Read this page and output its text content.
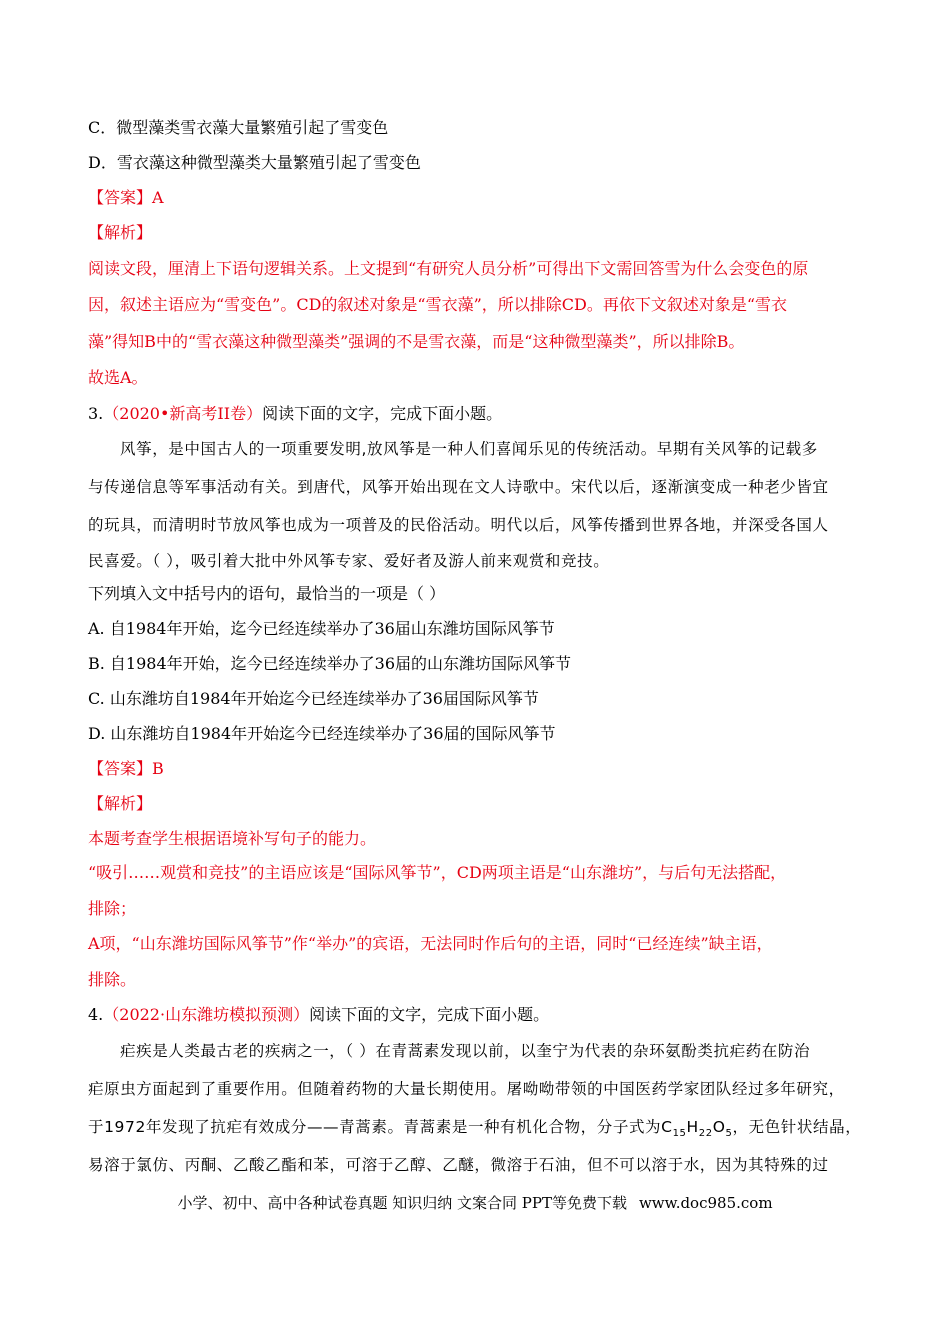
C．微型藻类雪衣藻大量繁殖引起了雪变色
D．雪衣藻这种微型藻类大量繁殖引起了雪变色
【答案】A
【解析】
阅读文段，厘清上下语句逻辑关系。上文提到“有研究人员分析”可得出下文需回答雪为什么会变色的原
因，叙述主语应为“雪变色”。CD的叙述对象是“雪衣藻”，所以排除CD。再依下文叙述对象是“雪衣
藻”得知B中的“雪衣藻这种微型藻类”强调的不是雪衣藻，而是“这种微型藻类”，所以排除B。
故选A。
3.（2020•新高考II卷）阅读下面的文字，完成下面小题。
风筝，是中国古人的一项重要发明,放风筝是一种人们喜闻乐见的传统活动。早期有关风筝的记载多
与传递信息等军事活动有关。到唐代，风筝开始出现在文人诗歌中。宋代以后，逐渐演变成一种老少皆宜
的玩具，而清明时节放风筝也成为一项普及的民俗活动。明代以后，风筝传播到世界各地，并深受各国人
民喜爱。（ ），吸引着大批中外风筝专家、爱好者及游人前来观赏和竞技。
下列填入文中括号内的语句，最恰当的一项是（ ）
A. 自1984年开始，迄今已经连续举办了36届山东潍坊国际风筝节
B. 自1984年开始，迄今已经连续举办了36届的山东潍坊国际风筝节
C. 山东潍坊自1984年开始迄今已经连续举办了36届国际风筝节
D. 山东潍坊自1984年开始迄今已经连续举办了36届的国际风筝节
【答案】B
【解析】
本题考查学生根据语境补写句子的能力。
“吸引……观赏和竞技”的主语应该是“国际风筝节”，CD两项主语是“山东潍坊”，与后句无法搭配，
排除；
A项，“山东潍坊国际风筝节”作“举办”的宾语，无法同时作后句的主语，同时“已经连续”缺主语，
排除。
4.（2022·山东潍坊模拟预测）阅读下面的文字，完成下面小题。
疟疾是人类最古老的疾病之一，（ ）在青蒿素发现以前，以奎宁为代表的杂环氨酚类抗疟药在防治
疟原虫方面起到了重要作用。但随着药物的大量长期使用。屠呦呦带领的中国医药学家团队经过多年研究，
于1972年发现了抗疟有效成分——青蒿素。青蒿素是一种有机化合物，分子式为$C_{15}H_{22}O_5$，无色针状结晶，
易溶于氯仿、丙酮、乙酸乙酯和苯，可溶于乙醇、乙醚，微溶于石油，但不可以溶于水，因为其特殊的过
小学、初中、高中各种试卷真题 知识归纳 文案合同 PPT等免费下载 www.doc985.com
